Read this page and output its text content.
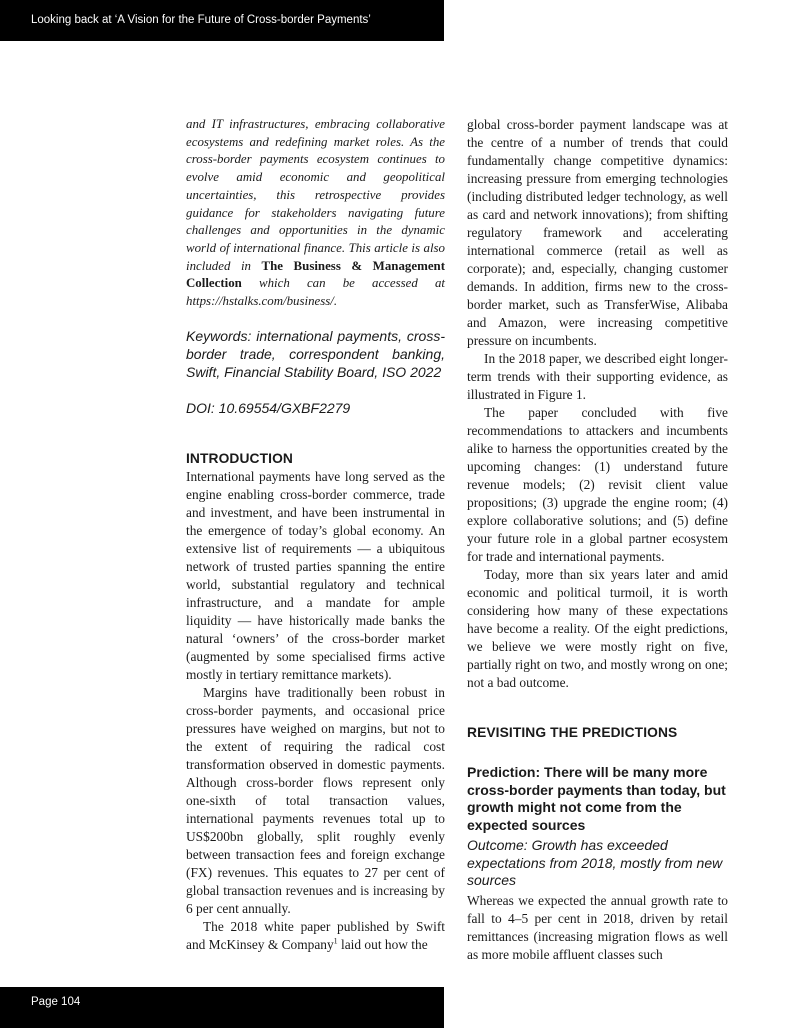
Looking back at ‘A Vision for the Future of Cross-border Payments’

and IT infrastructures, embracing collaborative ecosystems and redefining market roles. As the cross-border payments ecosystem continues to evolve amid economic and geopolitical uncertainties, this retrospective provides guidance for stakeholders navigating future challenges and opportunities in the dynamic world of international finance. This article is also included in The Business & Management Collection which can be accessed at https://hstalks.com/business/.

Keywords: international payments, cross-border trade, correspondent banking, Swift, Financial Stability Board, ISO 2022

DOI: 10.69554/GXBF2279

INTRODUCTION

International payments have long served as the engine enabling cross-border commerce, trade and investment, and have been instrumental in the emergence of today’s global economy. An extensive list of requirements — a ubiquitous network of trusted parties spanning the entire world, substantial regulatory and technical infrastructure, and a mandate for ample liquidity — have historically made banks the natural ‘owners’ of the cross-border market (augmented by some specialised firms active mostly in tertiary remittance markets).

Margins have traditionally been robust in cross-border payments, and occasional price pressures have weighed on margins, but not to the extent of requiring the radical cost transformation observed in domestic payments. Although cross-border flows represent only one-sixth of total transaction values, international payments revenues total up to US$200bn globally, split roughly evenly between transaction fees and foreign exchange (FX) revenues. This equates to 27 per cent of global transaction revenues and is increasing by 6 per cent annually.

The 2018 white paper published by Swift and McKinsey & Company$^1$ laid out how the

global cross-border payment landscape was at the centre of a number of trends that could fundamentally change competitive dynamics: increasing pressure from emerging technologies (including distributed ledger technology, as well as card and network innovations); from shifting regulatory framework and accelerating international commerce (retail as well as corporate); and, especially, changing customer demands. In addition, firms new to the cross-border market, such as TransferWise, Alibaba and Amazon, were increasing competitive pressure on incumbents.

In the 2018 paper, we described eight longer-term trends with their supporting evidence, as illustrated in Figure 1.

The paper concluded with five recommendations to attackers and incumbents alike to harness the opportunities created by the upcoming changes: (1) understand future revenue models; (2) revisit client value propositions; (3) upgrade the engine room; (4) explore collaborative solutions; and (5) define your future role in a global partner ecosystem for trade and international payments.

Today, more than six years later and amid economic and political turmoil, it is worth considering how many of these expectations have become a reality. Of the eight predictions, we believe we were mostly right on five, partially right on two, and mostly wrong on one; not a bad outcome.

REVISITING THE PREDICTIONS
Prediction: There will be many more cross-border payments than today, but growth might not come from the expected sources

Outcome: Growth has exceeded expectations from 2018, mostly from new sources

Whereas we expected the annual growth rate to fall to 4–5 per cent in 2018, driven by retail remittances (increasing migration flows as well as more mobile affluent classes such

Page 104
